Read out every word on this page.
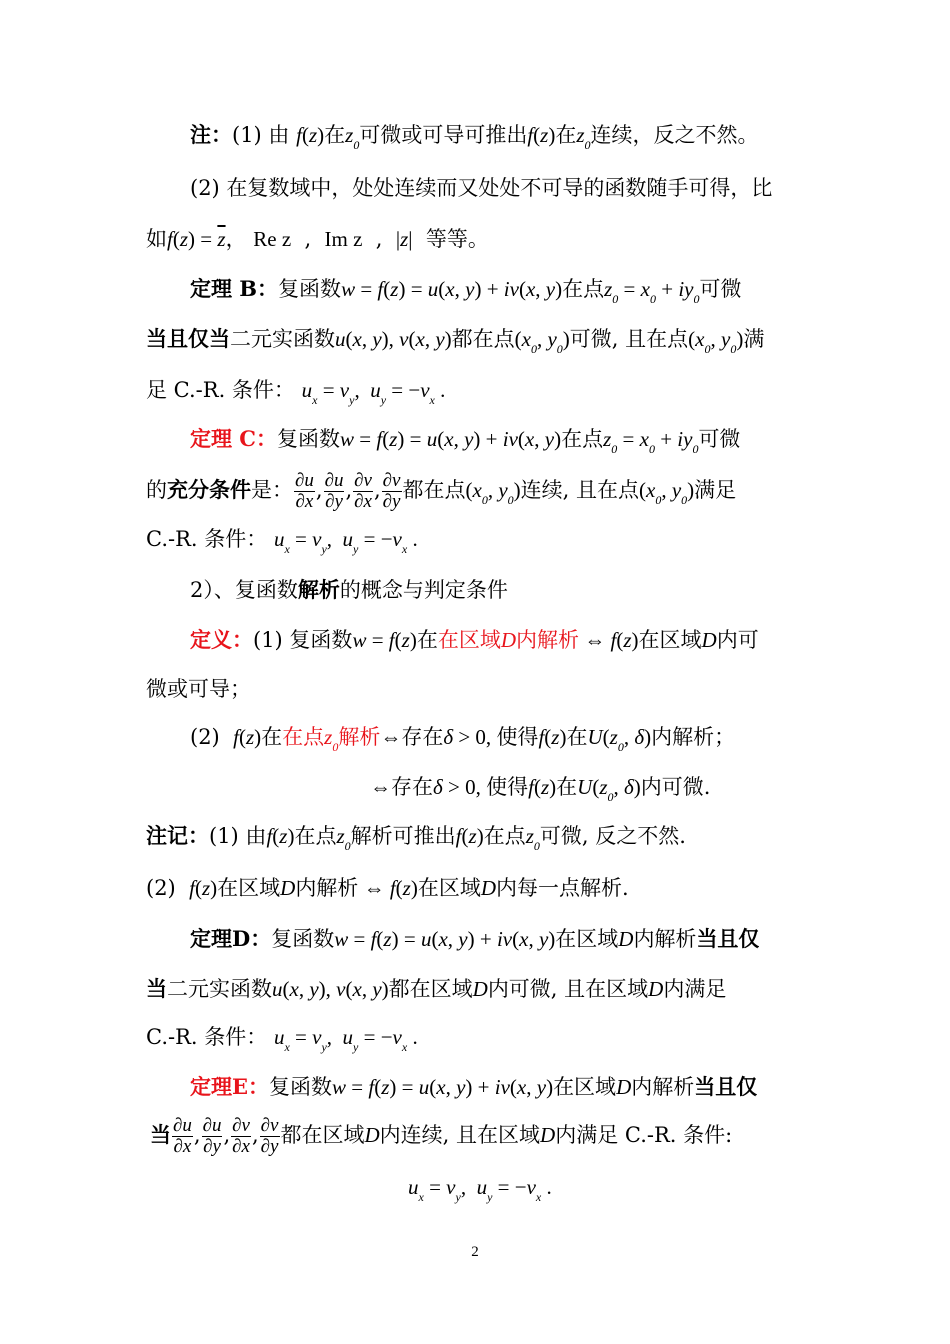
注：(1) 由 f(z)在$z_0$可微或可导可推出f(z)在$z_0$连续，反之不然。
(2) 在复数域中，处处连续而又处处不可导的函数随手可得，比
如$f(z) = \overline{z}$， Re z  ,  Im z  ,  |z| 等等。
定理 B：复函数w = f(z) = u(x, y) + iv(x, y)在点$z_0 = x_0 + iy_0$可微
当且仅当二元实函数u(x, y), v(x, y)都在点($x_0$, $y_0$)可微, 且在点($x_0$, $y_0$)满
足 C.-R. 条件： $u_x = v_y$,  $u_y = -v_x$ .
定理 C：复函数w = f(z) = u(x, y) + iv(x, y)在点$z_0 = x_0 + iy_0$可微
的充分条件是： $\frac{\partial u}{\partial x}$ , $\frac{\partial u}{\partial y}$ , $\frac{\partial v}{\partial x}$ , $\frac{\partial v}{\partial y}$ 都在点($x_0$, $y_0$)连续, 且在点($x_0$, $y_0$)满足
C.-R. 条件： $u_x = v_y$,  $u_y = -v_x$ .
2）、复函数解析的概念与判定条件
定义：(1) 复函数w = f(z)在在区域D内解析 ⇔ f(z)在区域D内可
微或可导；
(2) f(z)在在点$z_0$解析⇔存在δ > 0, 使得f(z)在$U(z_0$, δ)内解析；
⇔存在δ > 0, 使得f(z)在$U(z_0$, δ)内可微.
注记：(1) 由f(z)在点$z_0$解析可推出f(z)在点$z_0$可微, 反之不然.
(2) f(z)在区域D内解析 ⇔ f(z)在区域D内每一点解析.
定理D：复函数w = f(z) = u(x, y) + iv(x, y)在区域D内解析当且仅
当二元实函数u(x, y), v(x, y)都在区域D内可微, 且在区域D内满足
C.-R. 条件： $u_x = v_y$,  $u_y = -v_x$ .
定理E：复函数w = f(z) = u(x, y) + iv(x, y)在区域D内解析当且仅
当 $\frac{\partial u}{\partial x}$ , $\frac{\partial u}{\partial y}$ , $\frac{\partial v}{\partial x}$ , $\frac{\partial v}{\partial y}$ 都在区域D内连续, 且在区域D内满足 C.-R. 条件:
$u_x = v_y$,  $u_y = -v_x$ .
2
